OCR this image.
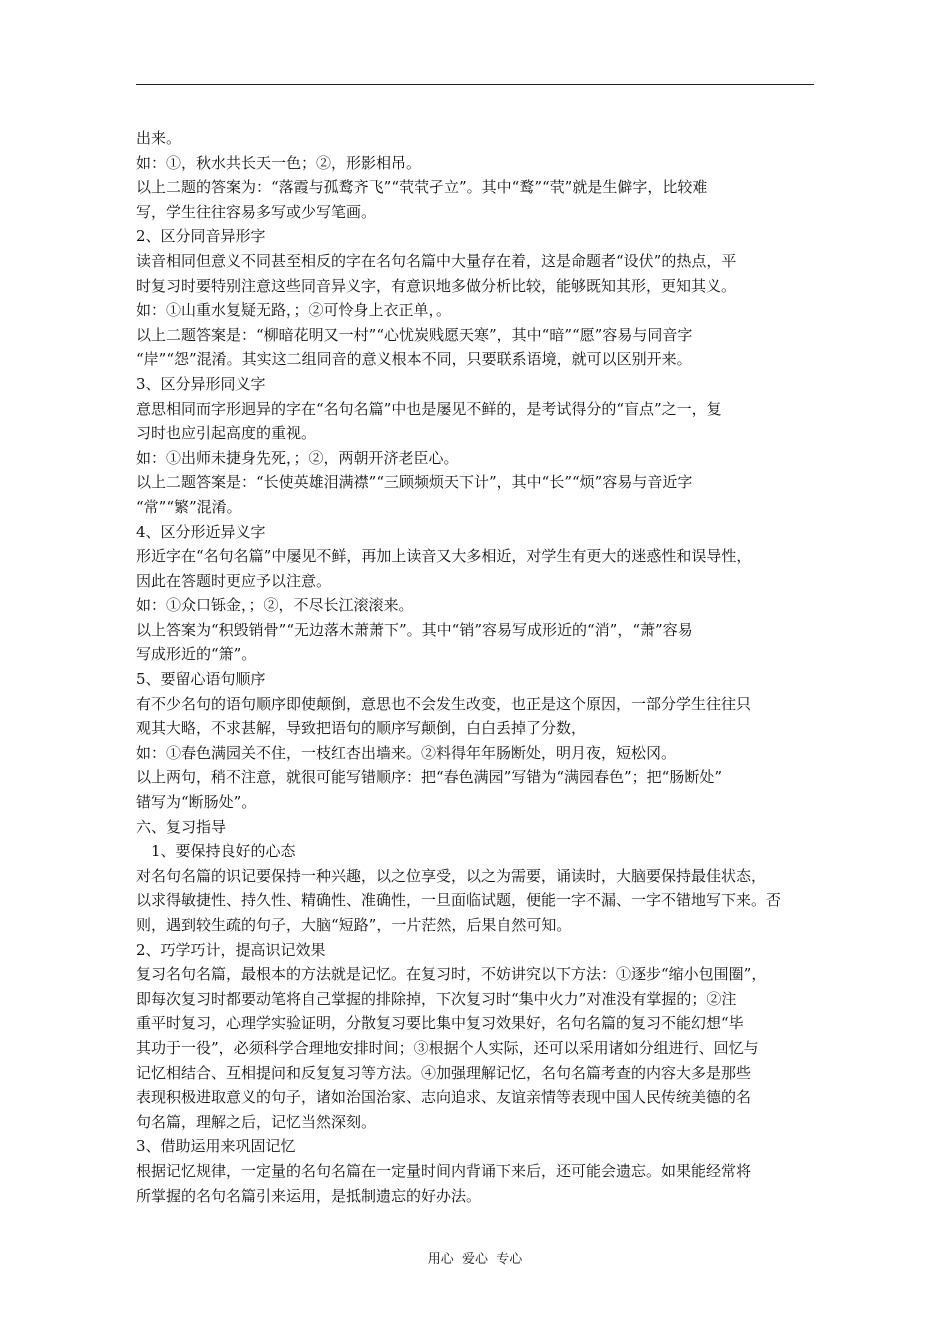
出来。
如：①，秋水共长天一色；②，形影相吊。
以上二题的答案为：“落霞与孤鹜齐飞”“茕茕孑立”。其中“鹜”“茕”就是生僻字，比较难
写，学生往往容易多写或少写笔画。
2、区分同音异形字
读音相同但意义不同甚至相反的字在名句名篇中大量存在着，这是命题者“设伏”的热点，平
时复习时要特别注意这些同音异义字，有意识地多做分析比较，能够既知其形，更知其义。
如：①山重水复疑无路，；②可怜身上衣正单，。
以上二题答案是：“柳暗花明又一村”“心忧炭贱愿天寒”，其中“暗”“愿”容易与同音字
“岸”“怨”混淆。其实这二组同音的意义根本不同，只要联系语境，就可以区别开来。
3、区分异形同义字
意思相同而字形迥异的字在“名句名篇”中也是屡见不鲜的，是考试得分的“盲点”之一，复
习时也应引起高度的重视。
如：①出师未捷身先死，；②，两朝开济老臣心。
以上二题答案是：“长使英雄泪满襟”“三顾频烦天下计”，其中“长”“烦”容易与音近字
“常”“繁”混淆。
4、区分形近异义字
形近字在“名句名篇”中屡见不鲜，再加上读音又大多相近，对学生有更大的迷惑性和误导性，
因此在答题时更应予以注意。
如：①众口铄金，；②，不尽长江滚滚来。
以上答案为“积毁销骨”“无边落木萧萧下”。其中“销”容易写成形近的“消”，“萧”容易
写成形近的“箫”。
5、要留心语句顺序
有不少名句的语句顺序即使颠倒，意思也不会发生改变，也正是这个原因，一部分学生往往只
观其大略，不求甚解，导致把语句的顺序写颠倒，白白丢掉了分数，
如：①春色满园关不住，一枝红杏出墙来。②料得年年肠断处，明月夜，短松冈。
以上两句，稍不注意，就很可能写错顺序：把“春色满园”写错为“满园春色”；把“肠断处”
错写为“断肠处”。
六、复习指导
1、要保持良好的心态
对名句名篇的识记要保持一种兴趣，以之位享受，以之为需要，诵读时，大脑要保持最佳状态，
以求得敏捷性、持久性、精确性、准确性，一旦面临试题，便能一字不漏、一字不错地写下来。否
则，遇到较生疏的句子，大脑“短路”，一片茫然，后果自然可知。
2、巧学巧计，提高识记效果
复习名句名篇，最根本的方法就是记忆。在复习时，不妨讲究以下方法：①逐步“缩小包围圈”，
即每次复习时都要动笔将自己掌握的排除掉，下次复习时“集中火力”对准没有掌握的；②注
重平时复习，心理学实验证明，分散复习要比集中复习效果好，名句名篇的复习不能幻想“毕
其功于一役”，必须科学合理地安排时间；③根据个人实际，还可以采用诸如分组进行、回忆与
记忆相结合、互相提问和反复复习等方法。④加强理解记忆，名句名篇考查的内容大多是那些
表现积极进取意义的句子，诸如治国治家、志向追求、友谊亲情等表现中国人民传统美德的名
句名篇，理解之后，记忆当然深刻。
3、借助运用来巩固记忆
根据记忆规律，一定量的名句名篇在一定量时间内背诵下来后，还可能会遗忘。如果能经常将
所掌握的名句名篇引来运用，是抵制遗忘的好办法。
用心  爱心  专心
